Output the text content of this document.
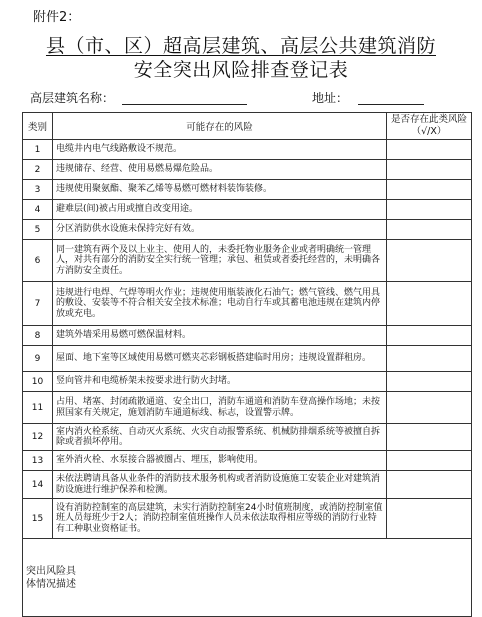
附件2：
县（市、区）超高层建筑、高层公共建筑消防
安全突出风险排查登记表
高层建筑名称：	地址：
类别	可能存在的风险	是否存在此类风险（√/X）
1	电缆井内电气线路敷设不规范。	
2	违规储存、经营、使用易燃易爆危险品。	
3	违规使用聚氨酯、聚苯乙烯等易燃可燃材料装饰装修。	
4	避难层(间)被占用或擅自改变用途。	
5	分区消防供水设施未保持完好有效。	
6	同一建筑有两个及以上业主、使用人的，未委托物业服务企业或者明确统一管理人，对共有部分的消防安全实行统一管理；承包、租赁或者委托经营的，未明确各方消防安全责任。	
7	违规进行电焊、气焊等明火作业；违规使用瓶装液化石油气；燃气管线、燃气用具的敷设、安装等不符合相关安全技术标准；电动自行车或其蓄电池违规在建筑内停放或充电。	
8	建筑外墙采用易燃可燃保温材料。	
9	屋面、地下室等区域使用易燃可燃夹芯彩钢板搭建临时用房；违规设置群租房。	
10	竖向管井和电缆桥架未按要求进行防火封堵。	
11	占用、堵塞、封闭疏散通道、安全出口，消防车通道和消防车登高操作场地；未按照国家有关规定，施划消防车通道标线、标志，设置警示牌。	
12	室内消火栓系统、自动灭火系统、火灾自动报警系统、机械防排烟系统等被擅自拆除或者损坏停用。	
13	室外消火栓、水泵接合器被圈占、埋压，影响使用。	
14	未依法聘请具备从业条件的消防技术服务机构或者消防设施施工安装企业对建筑消防设施进行维护保养和检测。	
15	设有消防控制室的高层建筑，未实行消防控制室24小时值班制度，或消防控制室值班人员每班少于2人；消防控制室值班操作人员未依法取得相应等级的消防行业特有工种职业资格证书。	

突出风险具体情况描述		
